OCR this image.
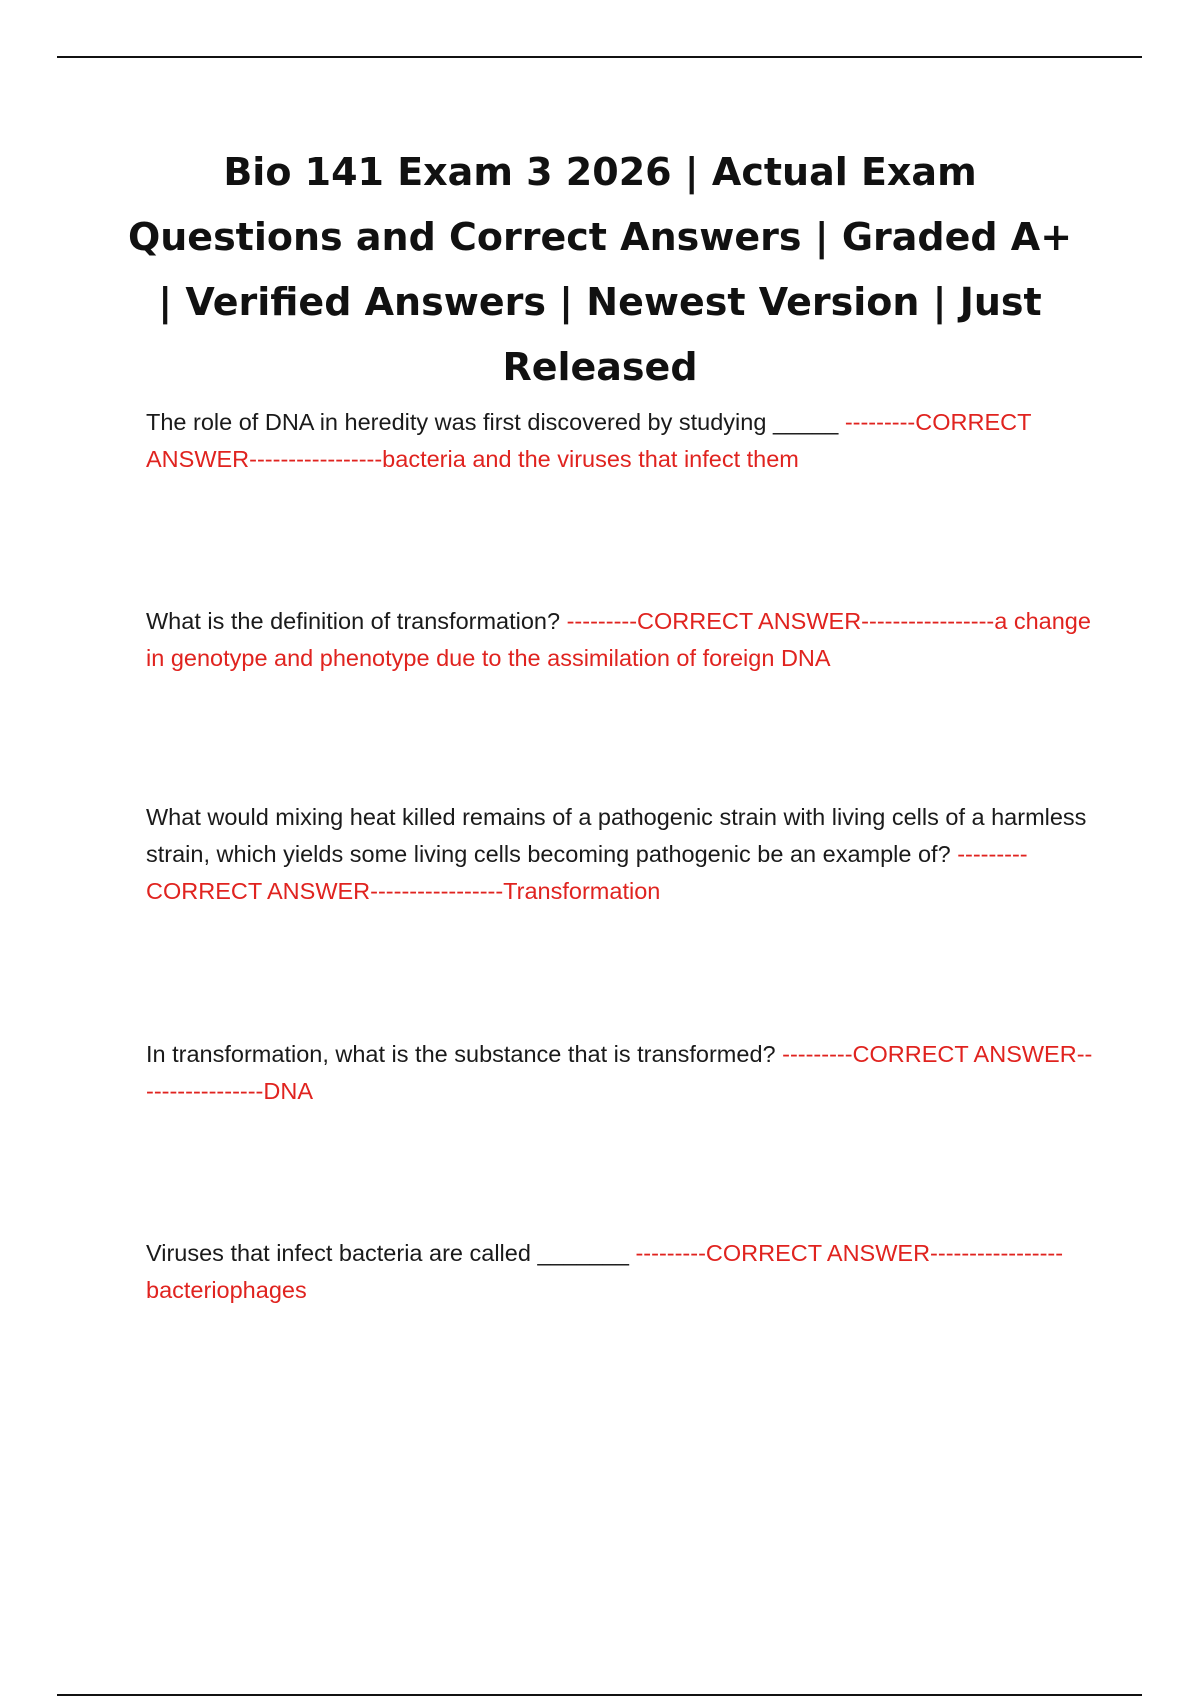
Bio 141 Exam 3 2026 | Actual Exam Questions and Correct Answers | Graded A+ | Verified Answers | Newest Version | Just Released

The role of DNA in heredity was first discovered by studying _____ ---------CORRECT ANSWER-----------------bacteria and the viruses that infect them

What is the definition of transformation? ---------CORRECT ANSWER-----------------a change in genotype and phenotype due to the assimilation of foreign DNA

What would mixing heat killed remains of a pathogenic strain with living cells of a harmless strain, which yields some living cells becoming pathogenic be an example of? ---------CORRECT ANSWER-----------------Transformation

In transformation, what is the substance that is transformed? ---------CORRECT ANSWER-----------------DNA

Viruses that infect bacteria are called _______ ---------CORRECT ANSWER-----------------bacteriophages
